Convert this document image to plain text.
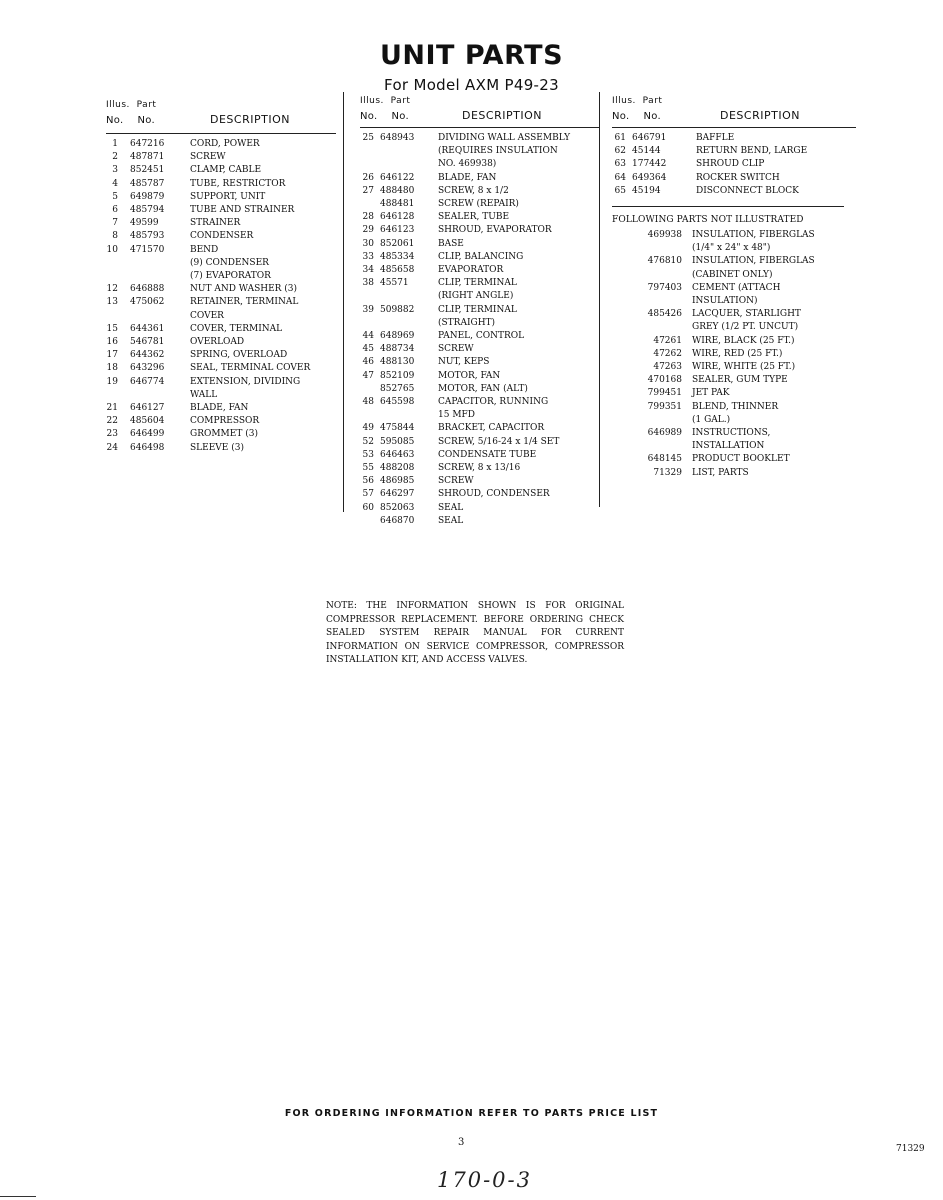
UNIT PARTS
For Model AXM P49-23
Illus. Part
No. No.	DESCRIPTION
1	647216	CORD, POWER
2	487871	SCREW
3	852451	CLAMP, CABLE
4	485787	TUBE, RESTRICTOR
5	649879	SUPPORT, UNIT
6	485794	TUBE AND STRAINER
7	49599	STRAINER
8	485793	CONDENSER
10	471570	BEND
(9) CONDENSER
(7) EVAPORATOR
12	646888	NUT AND WASHER (3)
13	475062	RETAINER, TERMINAL
COVER
15	644361	COVER, TERMINAL
16	546781	OVERLOAD
17	644362	SPRING, OVERLOAD
18	643296	SEAL, TERMINAL COVER
19	646774	EXTENSION, DIVIDING
WALL
21	646127	BLADE, FAN
22	485604	COMPRESSOR
23	646499	GROMMET (3)
24	646498	SLEEVE (3)
Illus. Part
No. No.	DESCRIPTION
25 648943	DIVIDING WALL ASSEMBLY
(REQUIRES INSULATION
NO. 469938)
26 646122	BLADE, FAN
27 488480	SCREW, 8 x 1/2
488481	SCREW (REPAIR)
28 646128	SEALER, TUBE
29 646123	SHROUD, EVAPORATOR
30 852061	BASE
33 485334	CLIP, BALANCING
34 485658	EVAPORATOR
38 45571	CLIP, TERMINAL
(RIGHT ANGLE)
39 509882	CLIP, TERMINAL
(STRAIGHT)
44 648969	PANEL, CONTROL
45 488734	SCREW
46 488130	NUT, KEPS
47 852109	MOTOR, FAN
852765	MOTOR, FAN (ALT)
48 645598	CAPACITOR, RUNNING
15 MFD
49 475844	BRACKET, CAPACITOR
52 595085	SCREW, 5/16-24 x 1/4 SET
53 646463	CONDENSATE TUBE
55 488208	SCREW, 8 x 13/16
56 486985	SCREW
57 646297	SHROUD, CONDENSER
60 852063	SEAL
646870	SEAL
Illus. Part
No. No.	DESCRIPTION
61 646791	BAFFLE
62 45144	RETURN BEND, LARGE
63 177442	SHROUD CLIP
64 649364	ROCKER SWITCH
65 45194	DISCONNECT BLOCK
FOLLOWING PARTS NOT ILLUSTRATED
469938	INSULATION, FIBERGLAS
(1/4" x 24" x 48")
476810	INSULATION, FIBERGLAS
(CABINET ONLY)
797403	CEMENT (ATTACH
INSULATION)
485426	LACQUER, STARLIGHT
GREY (1/2 PT. UNCUT)
47261	WIRE, BLACK (25 FT.)
47262	WIRE, RED (25 FT.)
47263	WIRE, WHITE (25 FT.)
470168	SEALER, GUM TYPE
799451	JET PAK
799351	BLEND, THINNER
(1 GAL.)
646989	INSTRUCTIONS,
INSTALLATION
648145	PRODUCT BOOKLET
71329	LIST, PARTS

NOTE: THE INFORMATION SHOWN IS FOR ORIGINAL COMPRESSOR REPLACEMENT. BEFORE ORDERING CHECK SEALED SYSTEM REPAIR MANUAL FOR CURRENT INFORMATION ON SERVICE COMPRESSOR, COMPRESSOR INSTALLATION KIT, AND ACCESS VALVES.

FOR ORDERING INFORMATION REFER TO PARTS PRICE LIST
3
71329
170-0-3
